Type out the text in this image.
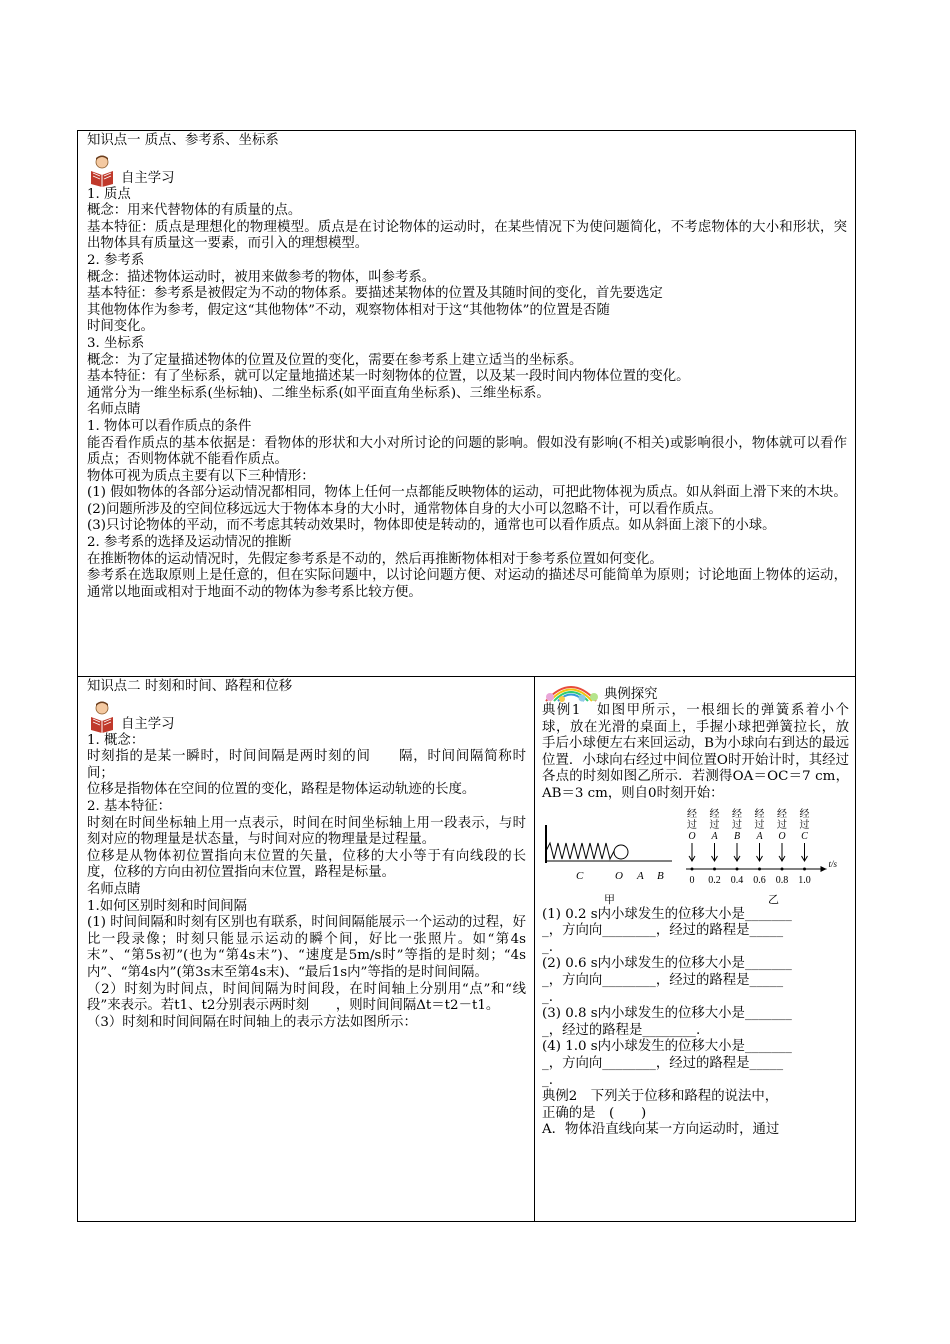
知识点一 质点、参考系、坐标系

自主学习

1. 质点

概念：用来代替物体的有质量的点。

基本特征：质点是理想化的物理模型。质点是在讨论物体的运动时，在某些情况下为使问题简化，不考虑物体的大小和形状，突出物体具有质量这一要素，而引入的理想模型。

2. 参考系

概念：描述物体运动时，被用来做参考的物体，叫参考系。

基本特征：参考系是被假定为不动的物体系。要描述某物体的位置及其随时间的变化，首先要选定

其他物体作为参考，假定这“其他物体”不动，观察物体相对于这“其他物体”的位置是否随

时间变化。

3. 坐标系

概念：为了定量描述物体的位置及位置的变化，需要在参考系上建立适当的坐标系。

基本特征：有了坐标系，就可以定量地描述某一时刻物体的位置，以及某一段时间内物体位置的变化。

通常分为一维坐标系(坐标轴)、二维坐标系(如平面直角坐标系)、三维坐标系。

名师点睛

1. 物体可以看作质点的条件

能否看作质点的基本依据是：看物体的形状和大小对所讨论的问题的影响。假如没有影响(不相关)或影响很小，物体就可以看作质点；否则物体就不能看作质点。

物体可视为质点主要有以下三种情形：

(1) 假如物体的各部分运动情况都相同，物体上任何一点都能反映物体的运动，可把此物体视为质点。如从斜面上滑下来的木块。

(2)问题所涉及的空间位移远远大于物体本身的大小时，通常物体自身的大小可以忽略不计，可以看作质点。

(3)只讨论物体的平动，而不考虑其转动效果时，物体即使是转动的，通常也可以看作质点。如从斜面上滚下的小球。

2. 参考系的选择及运动情况的推断

在推断物体的运动情况时，先假定参考系是不动的，然后再推断物体相对于参考系位置如何变化。

参考系在选取原则上是任意的，但在实际问题中，以讨论问题方便、对运动的描述尽可能简单为原则；讨论地面上物体的运动，通常以地面或相对于地面不动的物体为参考系比较方便。

知识点二 时刻和时间、路程和位移

自主学习

1. 概念：

时刻指的是某一瞬时，时间间隔是两时刻的间　　隔，时间间隔简称时间；

位移是指物体在空间的位置的变化，路程是物体运动轨迹的长度。

2. 基本特征：

时刻在时间坐标轴上用一点表示，时间在时间坐标轴上用一段表示，与时刻对应的物理量是状态量，与时间对应的物理量是过程量。

位移是从物体初位置指向末位置的矢量，位移的大小等于有向线段的长度，位移的方向由初位置指向末位置，路程是标量。

名师点睛

1.如何区别时刻和时间间隔

(1) 时间间隔和时刻有区别也有联系，时间间隔能展示一个运动的过程，好比一段录像；时刻只能显示运动的瞬个间，好比一张照片。如“第4s末”、“第5s初”(也为“第4s末”)、“速度是5m/s时”等指的是时刻；“4s内”、“第4s内”(第3s末至第4s末)、“最后1s内”等指的是时间间隔。

（2）时刻为时间点，时间间隔为时间段，在时间轴上分别用“点”和“线段”来表示。若t1、t2分别表示两时刻　　，则时间间隔Δt＝t2－t1。

（3）时刻和时间间隔在时间轴上的表示方法如图所示：

典例探究

典例1　如图甲所示，一根细长的弹簧系着小个　球，放在光滑的桌面上，手握小球把弹簧拉长，放手后小球便左右来回运动，B为小球向右到达的最远位置．小球向右经过中间位置O时开始计时，其经过各点的时刻如图乙所示．若测得OA＝OC＝7 cm，AB＝3 cm，则自0时刻开始：

C	O A B
甲
t/s
经
过
O
0
经
过
A
0.2
经
过
B
0.4
经
过
A
0.6
经
过
O
0.8
经
过
C
1.0
乙

(1) 0.2 s内小球发生的位移大小是_______

_，方向向________，经过的路程是_____

_.

(2) 0.6 s内小球发生的位移大小是_______

_，方向向________，经过的路程是_____

_.

(3) 0.8 s内小球发生的位移大小是_______

_，经过的路程是________.

(4) 1.0 s内小球发生的位移大小是_______

_，方向向________，经过的路程是_____

_.

典例2　下列关于位移和路程的说法中，

正确的是　(　　)

A．物体沿直线向某一方向运动时，通过
